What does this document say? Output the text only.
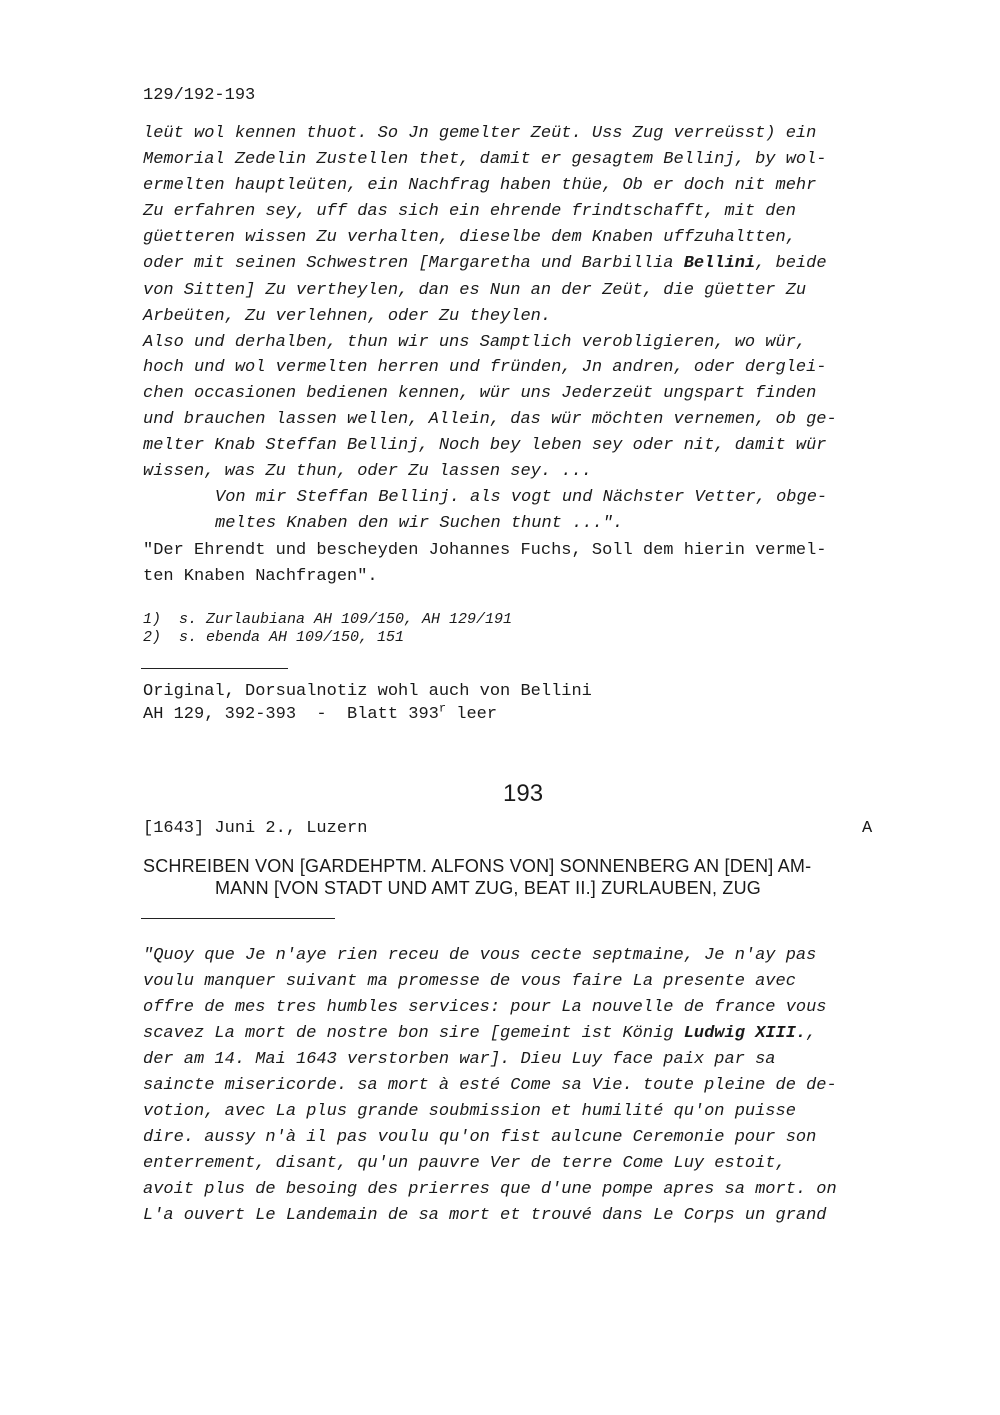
129/192-193
leüt wol kennen thuot. So Jn gemelter Zeüt. Uss Zug verreüsst) ein
Memorial Zedelin Zustellen thet, damit er gesagtem Bellinj, by wol-
ermelten hauptleüten, ein Nachfrag haben thüe, Ob er doch nit mehr
Zu erfahren sey, uff das sich ein ehrende frindtschafft, mit den
güetteren wissen Zu verhalten, dieselbe dem Knaben uffzuhaltten,
oder mit seinen Schwestren [Margaretha und Barbillia Bellini, beide
von Sitten] Zu vertheylen, dan es Nun an der Zeüt, die güetter Zu
Arbeüten, Zu verlehnen, oder Zu theylen.
Also und derhalben, thun wir uns Samptlich verobligieren, wo wür,
hoch und wol vermelten herren und fründen, Jn andren, oder derglei-
chen occasionen bedienen kennen, wür uns Jederzeüt ungspart finden
und brauchen lassen wellen, Allein, das wür möchten vernemen, ob ge-
melter Knab Steffan Bellinj, Noch bey leben sey oder nit, damit wür
wissen, was Zu thun, oder Zu lassen sey. ...
Von mir Steffan Bellinj. als vogt und Nächster Vetter, obge-
meltes Knaben den wir Suchen thunt ...".
"Der Ehrendt und bescheyden Johannes Fuchs, Soll dem hierin vermel-
ten Knaben Nachfragen".
1)  s. Zurlaubiana AH 109/150, AH 129/191
2)  s. ebenda AH 109/150, 151
Original, Dorsualnotiz wohl auch von Bellini
AH 129, 392-393  -  Blatt 393$^r$ leer
193
[1643] Juni 2., Luzern	A
SCHREIBEN VON [GARDEHPTM. ALFONS VON] SONNENBERG AN [DEN] AM-
MANN [VON STADT UND AMT ZUG, BEAT II.] ZURLAUBEN, ZUG
"Quoy que Je n'aye rien receu de vous cecte septmaine, Je n'ay pas
voulu manquer suivant ma promesse de vous faire La presente avec
offre de mes tres humbles services: pour La nouvelle de france vous
scavez La mort de nostre bon sire [gemeint ist König Ludwig XIII.,
der am 14. Mai 1643 verstorben war]. Dieu Luy face paix par sa
saincte misericorde. sa mort à esté Come sa Vie. toute pleine de de-
votion, avec La plus grande soubmission et humilité qu'on puisse
dire. aussy n'à il pas voulu qu'on fist aulcune Ceremonie pour son
enterrement, disant, qu'un pauvre Ver de terre Come Luy estoit,
avoit plus de besoing des prierres que d'une pompe apres sa mort. on
L'a ouvert Le Landemain de sa mort et trouvé dans Le Corps un grand
